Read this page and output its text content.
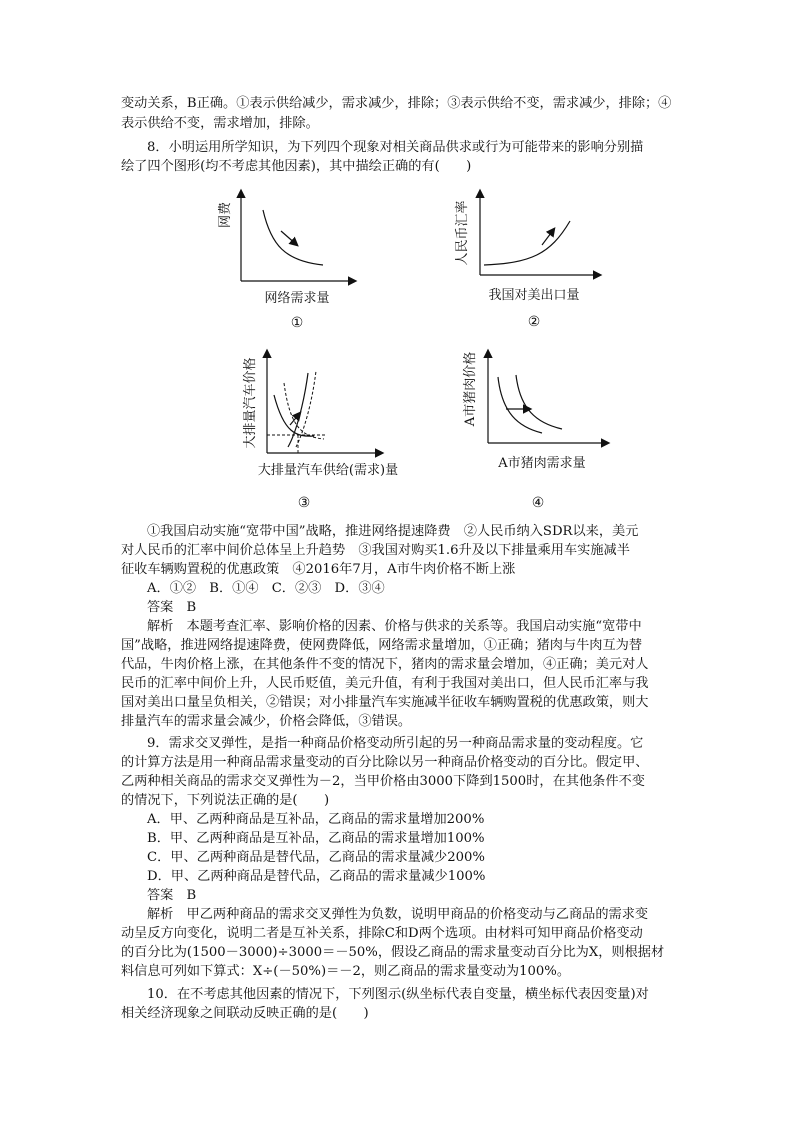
变动关系，B正确。①表示供给减少，需求减少，排除；③表示供给不变，需求减少，排除；④
表示供给不变，需求增加，排除。
8．小明运用所学知识，为下列四个现象对相关商品供求或行为可能带来的影响分别描
绘了四个图形(均不考虑其他因素)，其中描绘正确的有(　　)
网费
网络需求量
①
人民币汇率
我国对美出口量
②
大排量汽车价格
大排量汽车供给(需求)量
③
A市猪肉价格
A市猪肉需求量
④
①我国启动实施“宽带中国”战略，推进网络提速降费　②人民币纳入SDR以来，美元
对人民币的汇率中间价总体呈上升趋势　③我国对购买1.6升及以下排量乘用车实施减半
征收车辆购置税的优惠政策　④2016年7月，A市牛肉价格不断上涨
A．①②　B．①④　C．②③　D．③④
答案　B
解析　本题考查汇率、影响价格的因素、价格与供求的关系等。我国启动实施“宽带中
国”战略，推进网络提速降费，使网费降低，网络需求量增加，①正确；猪肉与牛肉互为替
代品，牛肉价格上涨，在其他条件不变的情况下，猪肉的需求量会增加，④正确；美元对人
民币的汇率中间价上升，人民币贬值，美元升值，有利于我国对美出口，但人民币汇率与我
国对美出口量呈负相关，②错误；对小排量汽车实施减半征收车辆购置税的优惠政策，则大
排量汽车的需求量会减少，价格会降低，③错误。
9．需求交叉弹性，是指一种商品价格变动所引起的另一种商品需求量的变动程度。它
的计算方法是用一种商品需求量变动的百分比除以另一种商品价格变动的百分比。假定甲、
乙两种相关商品的需求交叉弹性为－2，当甲价格由3000下降到1500时，在其他条件不变
的情况下，下列说法正确的是(　　)
A．甲、乙两种商品是互补品，乙商品的需求量增加200%
B．甲、乙两种商品是互补品，乙商品的需求量增加100%
C．甲、乙两种商品是替代品，乙商品的需求量减少200%
D．甲、乙两种商品是替代品，乙商品的需求量减少100%
答案　B
解析　甲乙两种商品的需求交叉弹性为负数，说明甲商品的价格变动与乙商品的需求变
动呈反方向变化，说明二者是互补关系，排除C和D两个选项。由材料可知甲商品价格变动
的百分比为(1500－3000)÷3000＝－50%，假设乙商品的需求量变动百分比为X，则根据材
料信息可列如下算式：X÷(－50%)＝－2，则乙商品的需求量变动为100%。
10．在不考虑其他因素的情况下，下列图示(纵坐标代表自变量，横坐标代表因变量)对
相关经济现象之间联动反映正确的是(　　)
